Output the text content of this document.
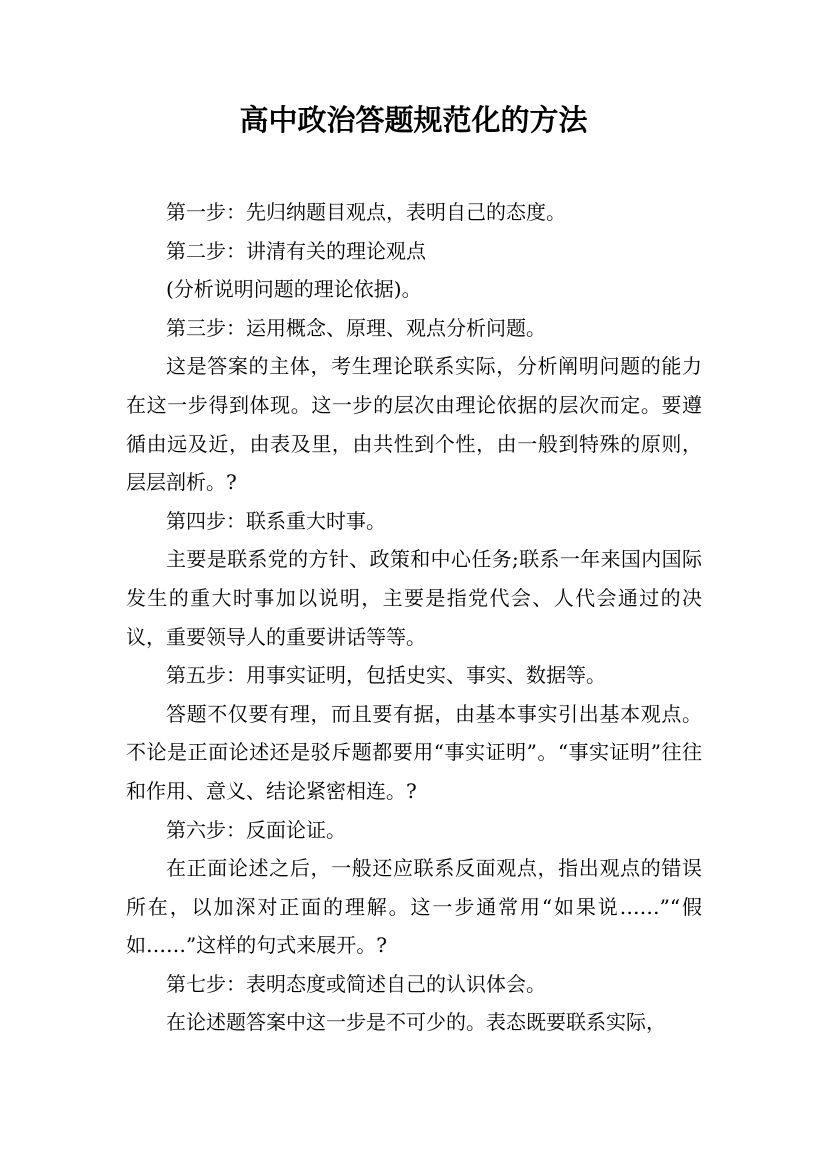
高中政治答题规范化的方法

第一步：先归纳题目观点，表明自己的态度。

第二步：讲清有关的理论观点

(分析说明问题的理论依据)。

第三步：运用概念、原理、观点分析问题。

这是答案的主体，考生理论联系实际，分析阐明问题的能力在这一步得到体现。这一步的层次由理论依据的层次而定。要遵循由远及近，由表及里，由共性到个性，由一般到特殊的原则，层层剖析。?

第四步：联系重大时事。

主要是联系党的方针、政策和中心任务;联系一年来国内国际发生的重大时事加以说明，主要是指党代会、人代会通过的决议，重要领导人的重要讲话等等。

第五步：用事实证明，包括史实、事实、数据等。

答题不仅要有理，而且要有据，由基本事实引出基本观点。不论是正面论述还是驳斥题都要用“事实证明”。“事实证明”往往和作用、意义、结论紧密相连。?

第六步：反面论证。

在正面论述之后，一般还应联系反面观点，指出观点的错误所在，以加深对正面的理解。这一步通常用“如果说……”“假如……”这样的句式来展开。?

第七步：表明态度或简述自己的认识体会。

在论述题答案中这一步是不可少的。表态既要联系实际，
